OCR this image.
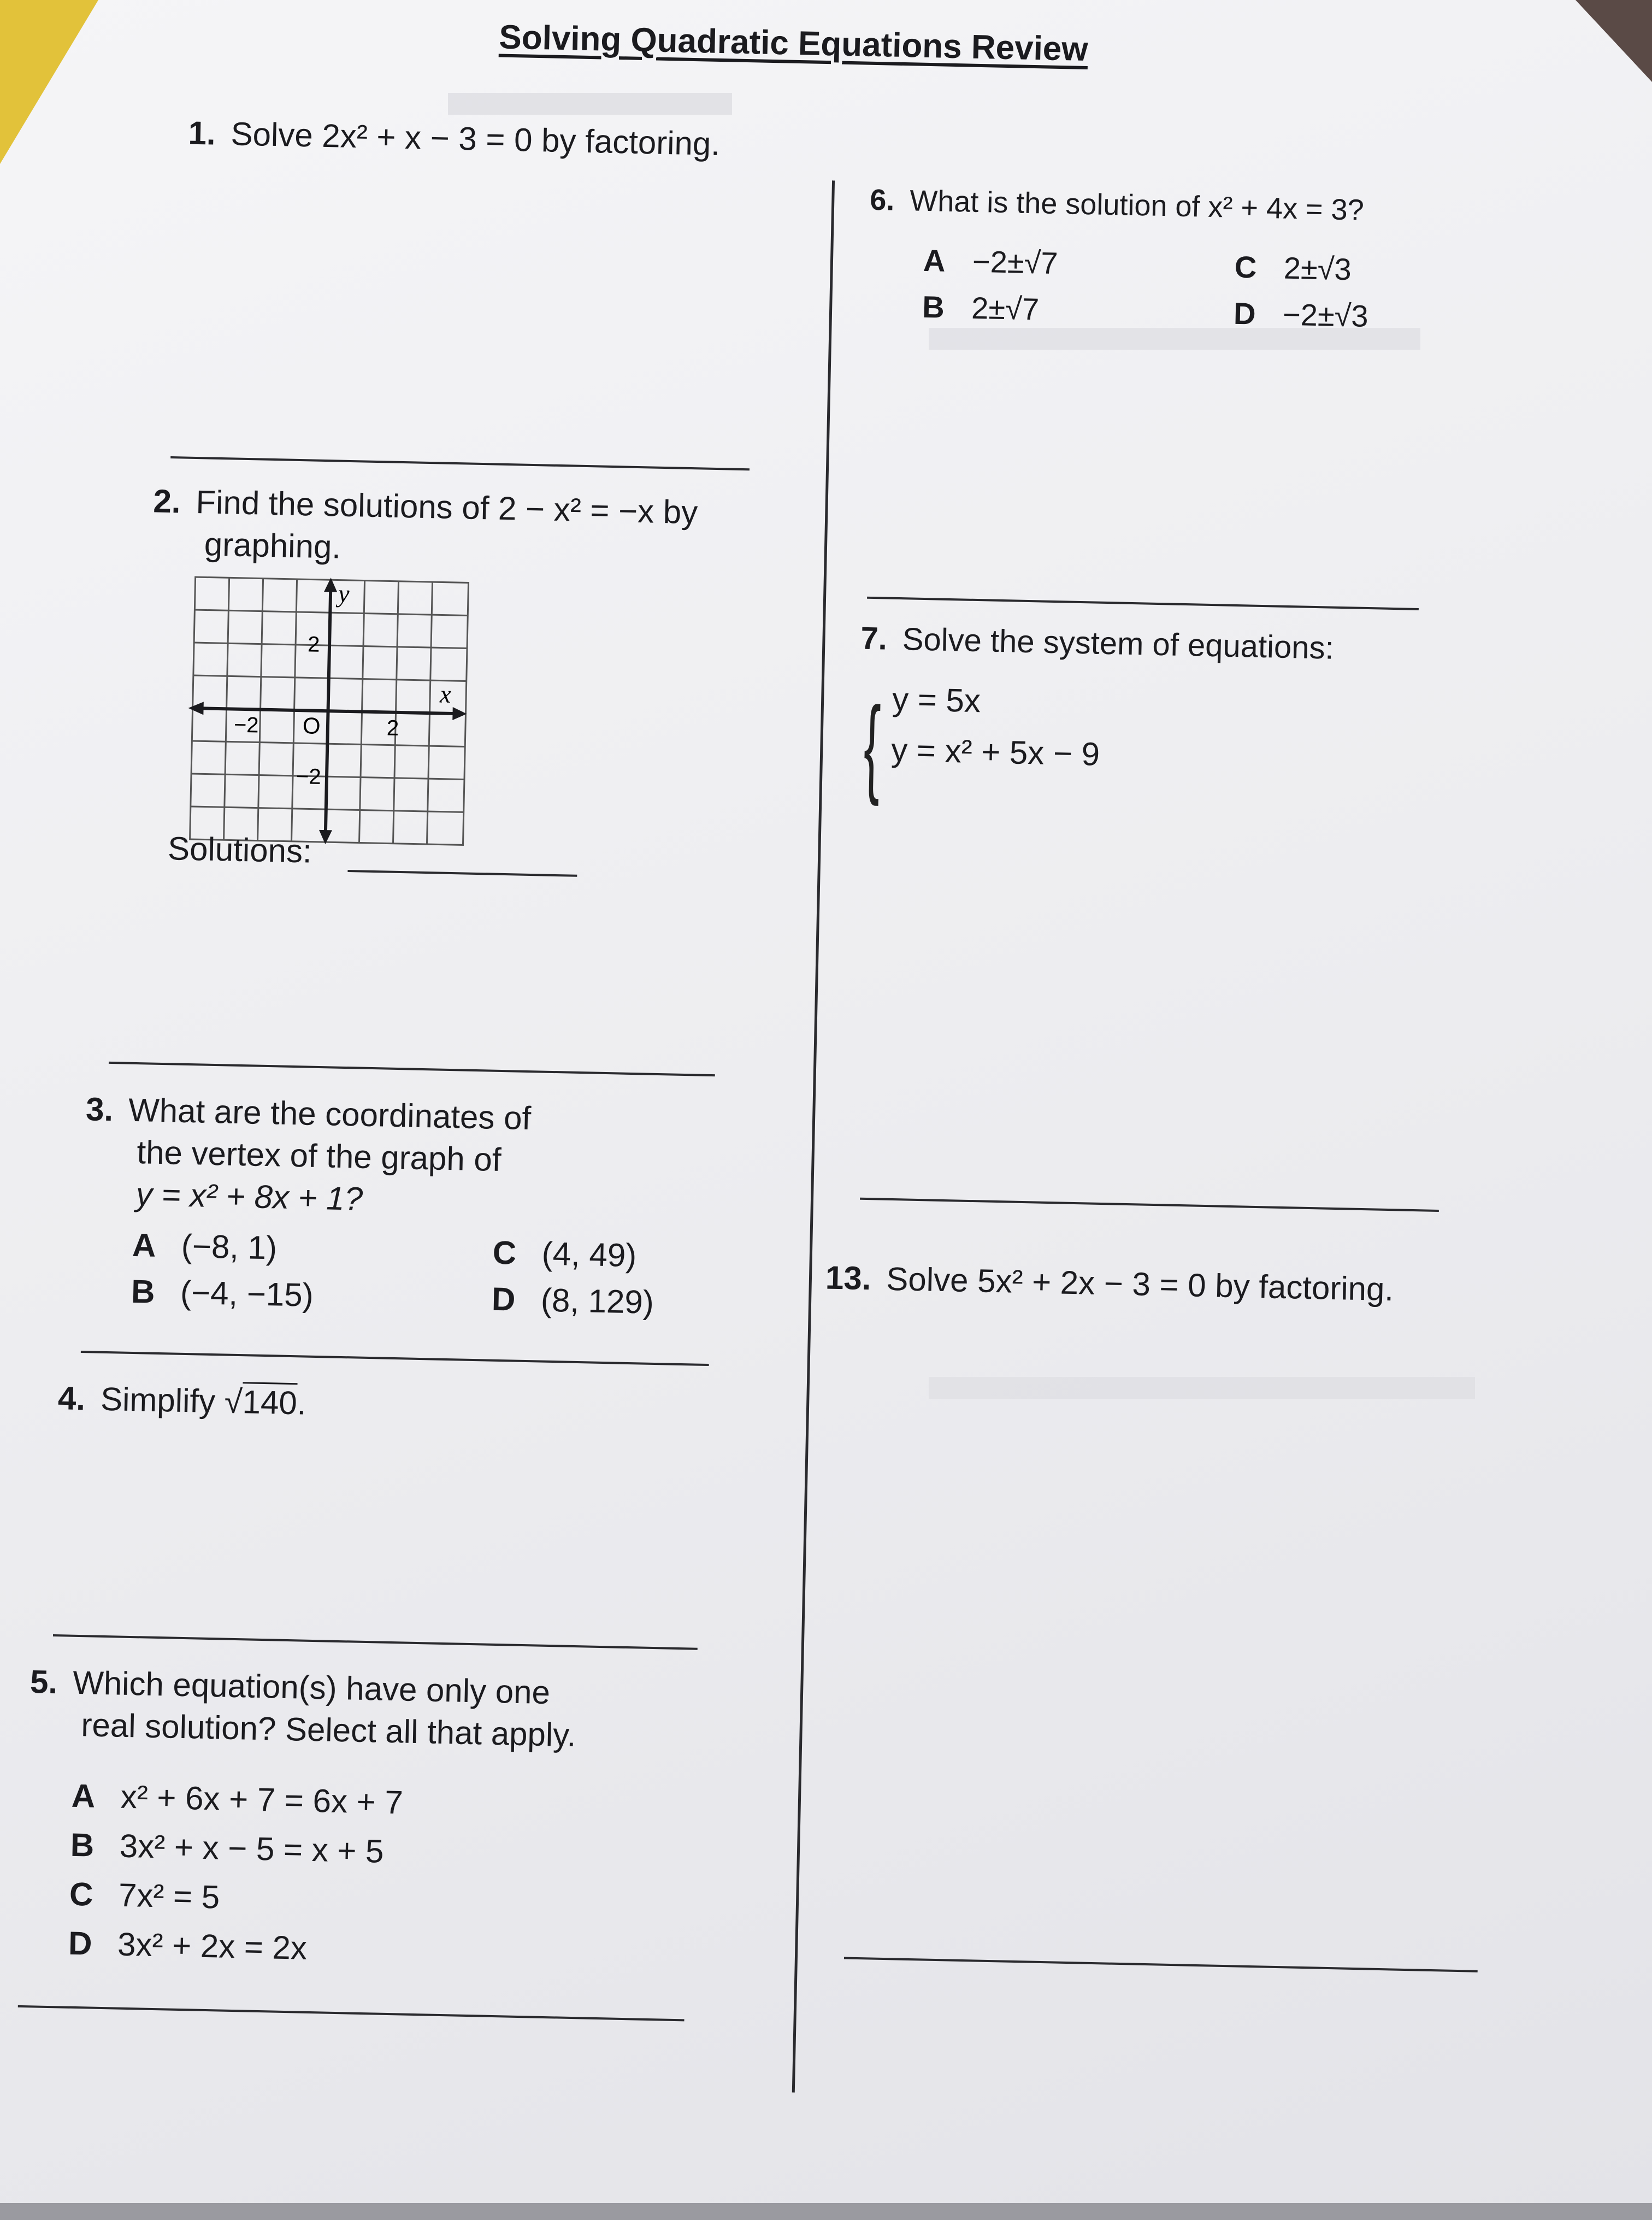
Solving Quadratic Equations Review
1. Solve 2x² + x − 3 = 0 by factoring.
2. Find the solutions of 2 − x² = −x by
graphing.
y
x
2
−2
−2	2
O
Solutions:
3. What are the coordinates of
the vertex of the graph of
y = x² + 8x + 1?
A (−8, 1)
B (−4, −15)
C (4, 49)
D (8, 129)
4. Simplify √140.
5. Which equation(s) have only one
real solution? Select all that apply.
A x² + 6x + 7 = 6x + 7
B 3x² + x − 5 = x + 5
C 7x² = 5
D 3x² + 2x = 2x
6. What is the solution of x² + 4x = 3?
A −2±√7
B 2±√7
C 2±√3
D −2±√3
7. Solve the system of equations:
{ y = 5x
y = x² + 5x − 9
13. Solve 5x² + 2x − 3 = 0 by factoring.
